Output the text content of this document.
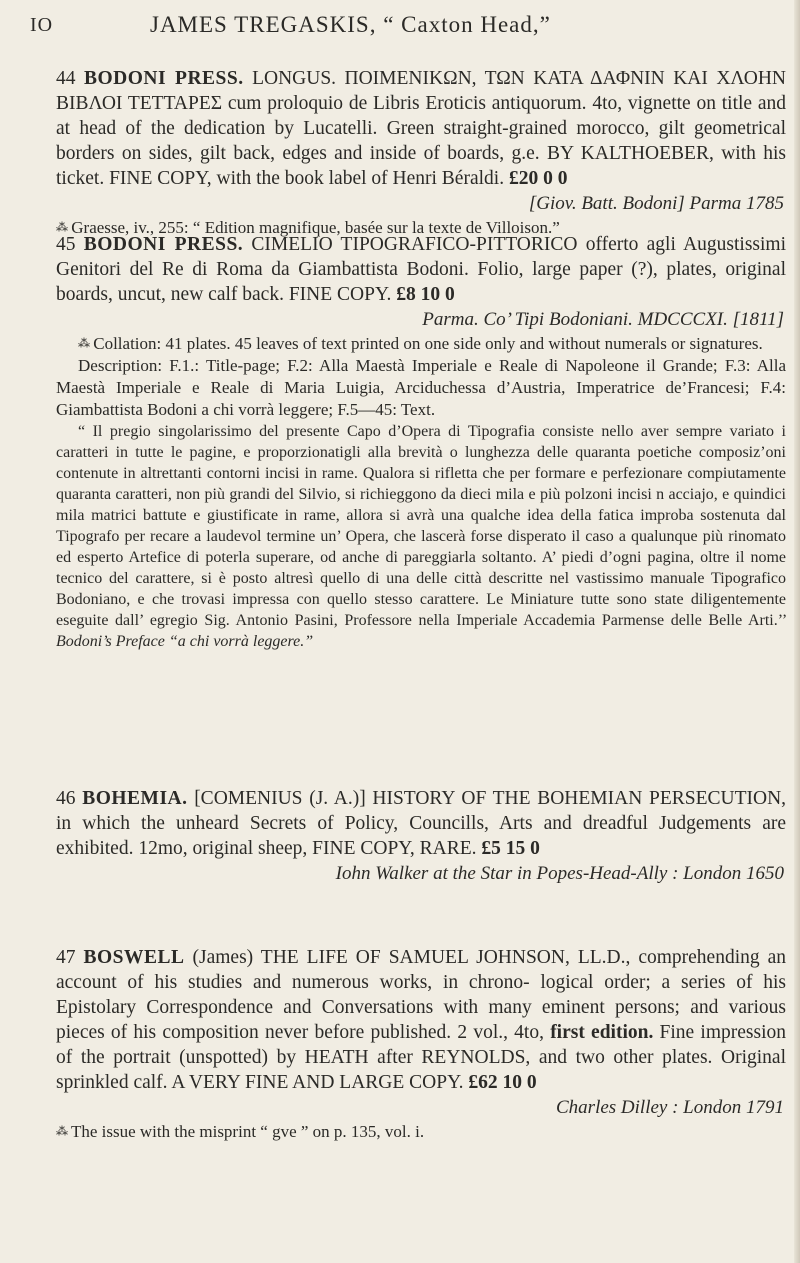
IO	JAMES TREGASKIS, “ Caxton Head,”

44 BODONI PRESS. LONGUS. ΠΟΙΜΕΝΙΚΩΝ, ΤΩΝ ΚΑΤΑ ΔΑΦΝΙΝ ΚΑΙ ΧΛΟΗΝ ΒΙΒΛΟΙ ΤΕΤΤΑΡΕΣ cum proloquio de Libris Eroticis antiquorum. 4to, vignette on title and at head of the dedication by Lucatelli. Green straight-grained morocco, gilt geometrical borders on sides, gilt back, edges and inside of boards, g.e. BY KALTHOEBER, with his ticket. FINE COPY, with the book label of Henri Béraldi. £20 0 0

[Giov. Batt. Bodoni] Parma 1785

⁂ Graesse, iv., 255: “ Edition magnifique, basée sur la texte de Villoison.”

45 BODONI PRESS. CIMELIO TIPOGRAFICO-PITTORICO offerto agli Augustissimi Genitori del Re di Roma da Giambattista Bodoni. Folio, large paper (?), plates, original boards, uncut, new calf back. FINE COPY. £8 10 0

Parma. Co’ Tipi Bodoniani. MDCCCXI. [1811]

⁂ Collation: 41 plates. 45 leaves of text printed on one side only and without numerals or signatures.

Description: F.1.: Title-page; F.2: Alla Maestà Imperiale e Reale di Napoleone il Grande; F.3: Alla Maestà Imperiale e Reale di Maria Luigia, Arciduchessa d’Austria, Imperatrice de’Francesi; F.4: Giambattista Bodoni a chi vorrà leggere; F.5—45: Text.

“ Il pregio singolarissimo del presente Capo d’Opera di Tipografia consiste nello aver sempre variato i caratteri in tutte le pagine, e proporzionatigli alla brevità o lunghezza delle quaranta poetiche composiz’oni contenute in altrettanti contorni incisi in rame. Qualora si rifletta che per formare e perfezionare compiutamente quaranta caratteri, non più grandi del Silvio, si richieggono da dieci mila e più polzoni incisi n acciajo, e quindici mila matrici battute e giustificate in rame, allora si avrà una qualche idea della fatica improba sostenuta dal Tipografo per recare a laudevol termine un’ Opera, che lascerà forse disperato il caso a qualunque più rinomato ed esperto Artefice di poterla superare, od anche di pareggiarla soltanto. A’ piedi d’ogni pagina, oltre il nome tecnico del carattere, si è posto altresì quello di una delle città descritte nel vastissimo manuale Tipografico Bodoniano, e che trovasi impressa con quello stesso carattere. Le Miniature tutte sono state diligentemente eseguite dall’ egregio Sig. Antonio Pasini, Professore nella Imperiale Accademia Parmense delle Belle Arti.’’ Bodoni’s Preface “a chi vorrà leggere.”

46 BOHEMIA. [COMENIUS (J. A.)] HISTORY OF THE BOHEMIAN PERSECUTION, in which the unheard Secrets of Policy, Councills, Arts and dreadful Judgements are exhibited. 12mo, original sheep, FINE COPY, RARE. £5 15 0

Iohn Walker at the Star in Popes-Head-Ally : London 1650

47 BOSWELL (James) THE LIFE OF SAMUEL JOHNSON, LL.D., comprehending an account of his studies and numerous works, in chrono- logical order; a series of his Epistolary Correspondence and Conversations with many eminent persons; and various pieces of his composition never before published. 2 vol., 4to, first edition. Fine impression of the portrait (unspotted) by HEATH after REYNOLDS, and two other plates. Original sprinkled calf. A VERY FINE AND LARGE COPY. £62 10 0

Charles Dilley : London 1791

⁂ The issue with the misprint “ gve ” on p. 135, vol. i.
